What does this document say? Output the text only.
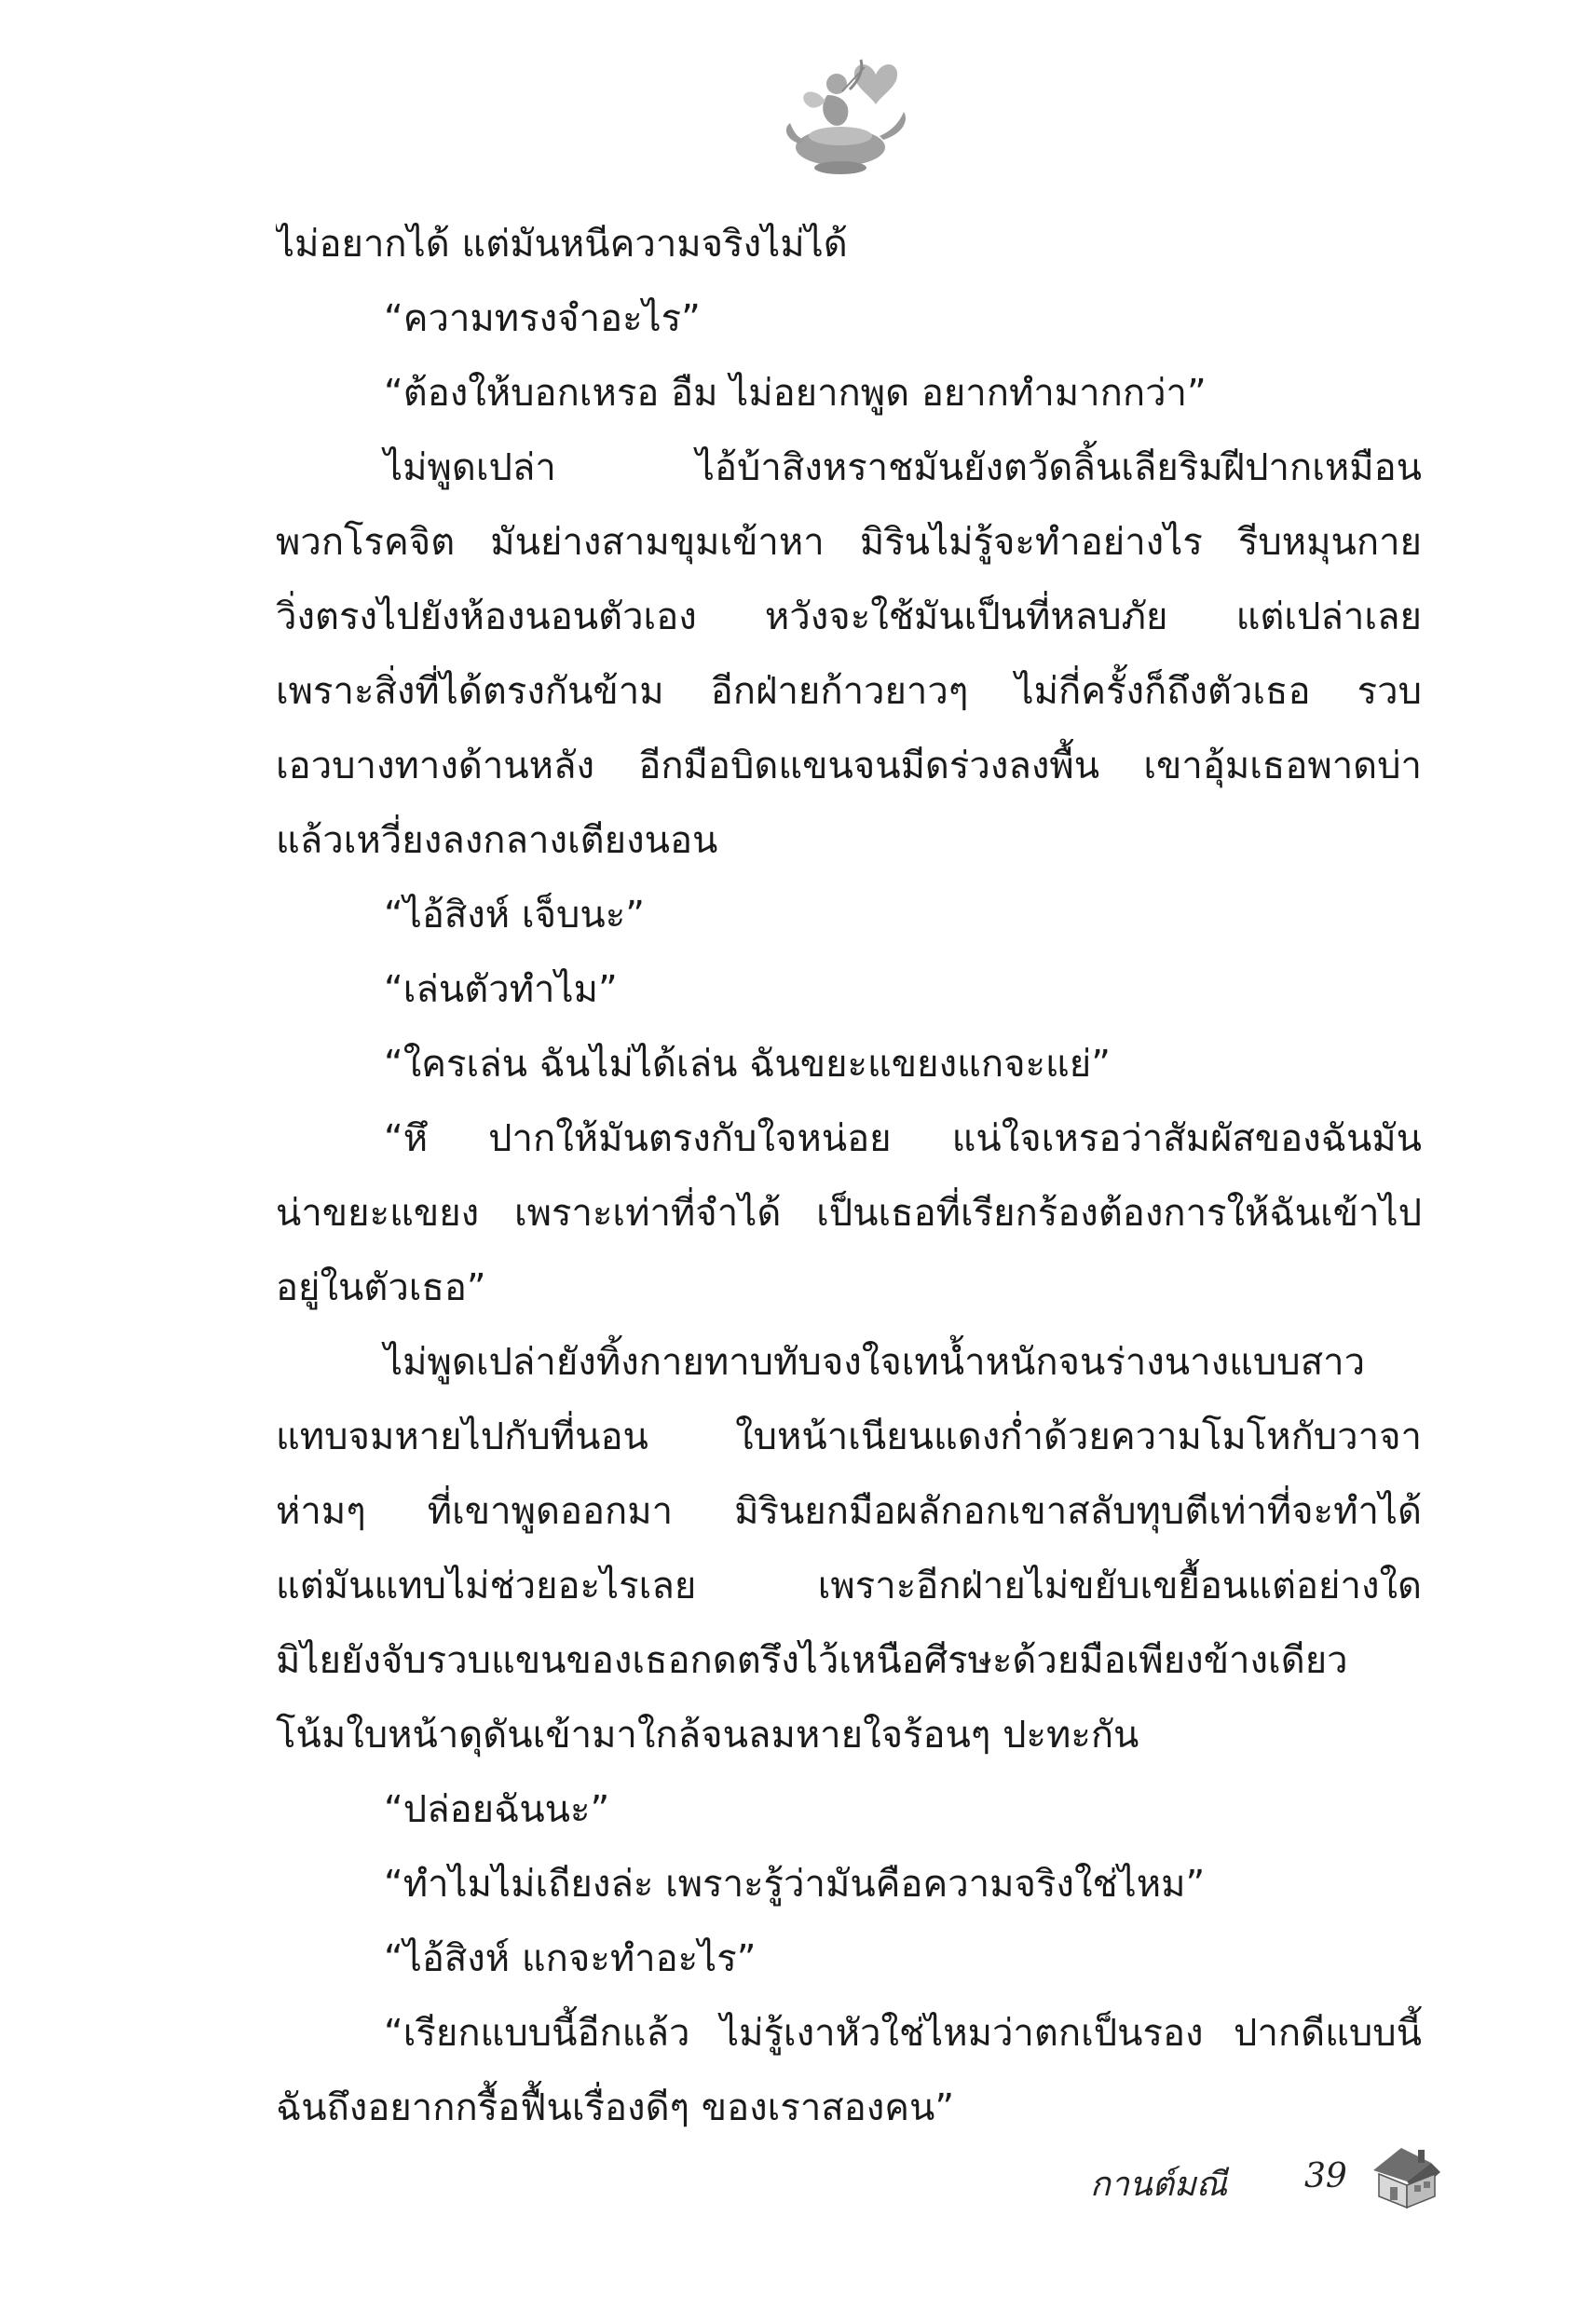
ไม่อยากได้ แต่มันหนีความจริงไม่ได้
“ความทรงจำอะไร”
“ต้องให้บอกเหรอ อืม ไม่อยากพูด อยากทำมากกว่า”
ไม่พูดเปล่า ไอ้บ้าสิงหราชมันยังตวัดลิ้นเลียริมฝีปากเหมือน
พวกโรคจิต มันย่างสามขุมเข้าหา มิรินไม่รู้จะทำอย่างไร รีบหมุนกาย
วิ่งตรงไปยังห้องนอนตัวเอง หวังจะใช้มันเป็นที่หลบภัย แต่เปล่าเลย
เพราะสิ่งที่ได้ตรงกันข้าม อีกฝ่ายก้าวยาวๆ ไม่กี่ครั้งก็ถึงตัวเธอ รวบ
เอวบางทางด้านหลัง อีกมือบิดแขนจนมีดร่วงลงพื้น เขาอุ้มเธอพาดบ่า
แล้วเหวี่ยงลงกลางเตียงนอน
“ไอ้สิงห์ เจ็บนะ”
“เล่นตัวทำไม”
“ใครเล่น ฉันไม่ได้เล่น ฉันขยะแขยงแกจะแย่”
“หึ ปากให้มันตรงกับใจหน่อย แน่ใจเหรอว่าสัมผัสของฉันมัน
น่าขยะแขยง เพราะเท่าที่จำได้ เป็นเธอที่เรียกร้องต้องการให้ฉันเข้าไป
อยู่ในตัวเธอ”
ไม่พูดเปล่ายังทิ้งกายทาบทับจงใจเทน้ำหนักจนร่างนางแบบสาว
แทบจมหายไปกับที่นอน ใบหน้าเนียนแดงก่ำด้วยความโมโหกับวาจา
ห่ามๆ ที่เขาพูดออกมา มิรินยกมือผลักอกเขาสลับทุบตีเท่าที่จะทำได้
แต่มันแทบไม่ช่วยอะไรเลย เพราะอีกฝ่ายไม่ขยับเขยื้อนแต่อย่างใด
มิไยยังจับรวบแขนของเธอกดตรึงไว้เหนือศีรษะด้วยมือเพียงข้างเดียว
โน้มใบหน้าดุดันเข้ามาใกล้จนลมหายใจร้อนๆ ปะทะกัน
“ปล่อยฉันนะ”
“ทำไมไม่เถียงล่ะ เพราะรู้ว่ามันคือความจริงใช่ไหม”
“ไอ้สิงห์ แกจะทำอะไร”
“เรียกแบบนี้อีกแล้ว ไม่รู้เงาหัวใช่ไหมว่าตกเป็นรอง ปากดีแบบนี้
ฉันถึงอยากกรื้อฟื้นเรื่องดีๆ ของเราสองคน”
กานต์มณี 39
